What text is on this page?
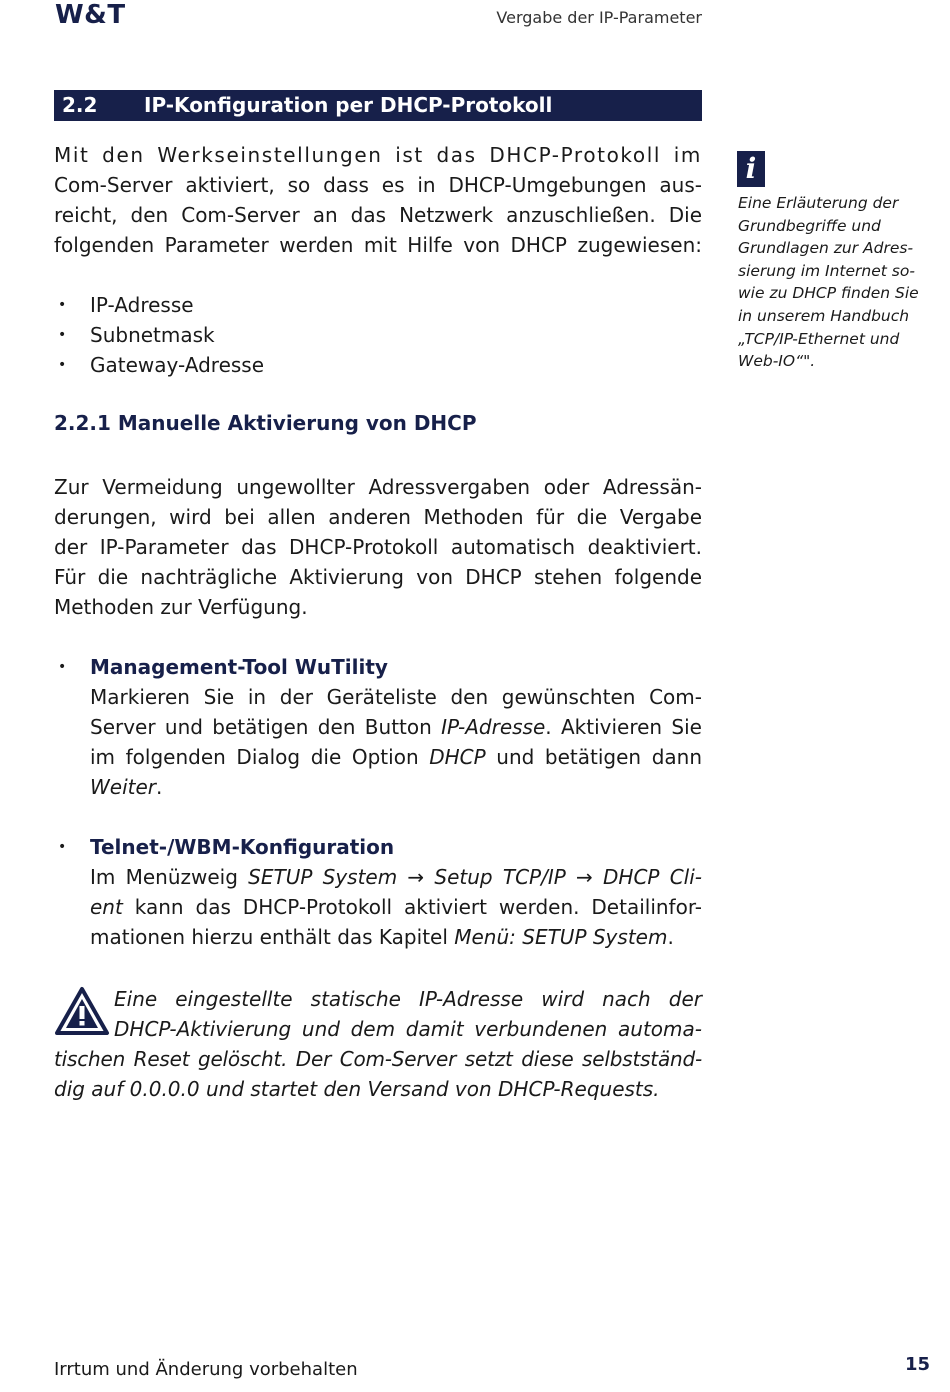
W&T	Vergabe der IP-Parameter
2.2 IP-Konfiguration per DHCP-Protokoll
Mit den Werkseinstellungen ist das DHCP-Protokoll im
Com-Server aktiviert, so dass es in DHCP-Umgebungen aus-
reicht, den Com-Server an das Netzwerk anzuschließen. Die
folgenden Parameter werden mit Hilfe von DHCP zugewiesen:
• IP-Adresse
• Subnetmask
• Gateway-Adresse
i
Eine Erläuterung der
Grundbegriffe und
Grundlagen zur Adres-
sierung im Internet so-
wie zu DHCP finden Sie
in unserem Handbuch
„TCP/IP-Ethernet und
Web-IO“".
2.2.1 Manuelle Aktivierung von DHCP
Zur Vermeidung ungewollter Adressvergaben oder Adressän-
derungen, wird bei allen anderen Methoden für die Vergabe
der IP-Parameter das DHCP-Protokoll automatisch deaktiviert.
Für die nachträgliche Aktivierung von DHCP stehen folgende
Methoden zur Verfügung.
• Management-Tool WuTility
Markieren Sie in der Geräteliste den gewünschten Com-
Server und betätigen den Button IP-Adresse. Aktivieren Sie
im folgenden Dialog die Option DHCP und betätigen dann
Weiter.
• Telnet-/WBM-Konfiguration
Im Menüzweig SETUP System → Setup TCP/IP → DHCP Cli-
ent kann das DHCP-Protokoll aktiviert werden. Detailinfor-
mationen hierzu enthält das Kapitel Menü: SETUP System.
Eine eingestellte statische IP-Adresse wird nach der
DHCP-Aktivierung und dem damit verbundenen automa-
tischen Reset gelöscht. Der Com-Server setzt diese selbstständ-
dig auf 0.0.0.0 und startet den Versand von DHCP-Requests.
Irrtum und Änderung vorbehalten	15
